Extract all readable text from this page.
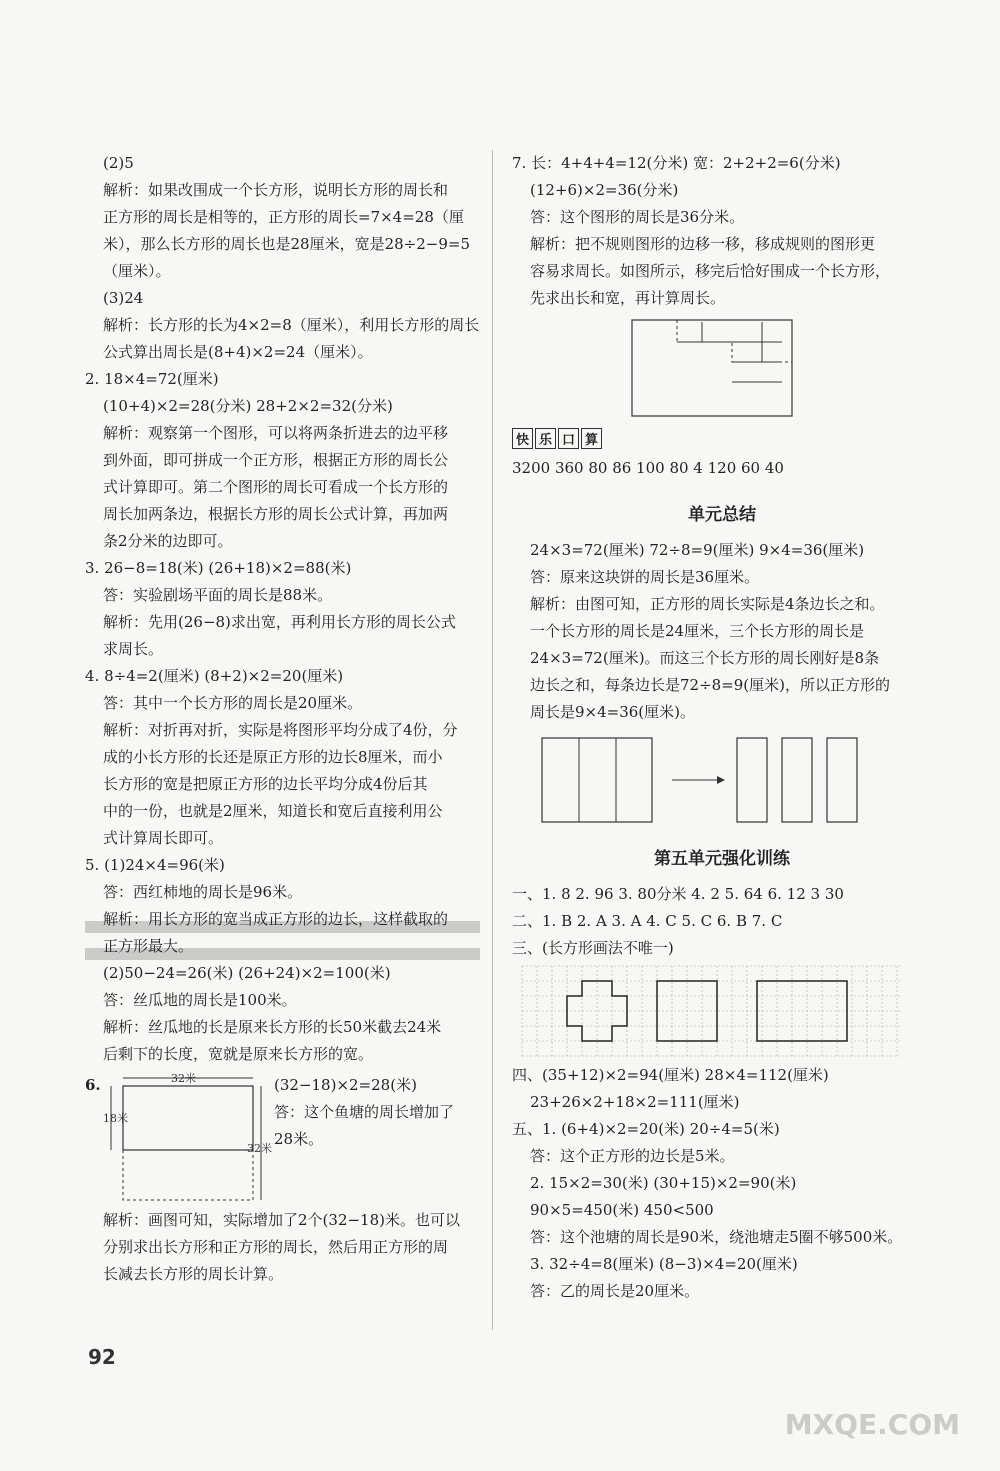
(2)5
解析：如果改围成一个长方形，说明长方形的周长和
正方形的周长是相等的，正方形的周长=7×4=28（厘
米），那么长方形的周长也是28厘米，宽是28÷2−9=5
（厘米）。
(3)24
解析：长方形的长为4×2=8（厘米），利用长方形的周长
公式算出周长是(8+4)×2=24（厘米）。
2. 18×4=72(厘米)
(10+4)×2=28(分米) 28+2×2=32(分米)
解析：观察第一个图形，可以将两条折进去的边平移
到外面，即可拼成一个正方形，根据正方形的周长公
式计算即可。第二个图形的周长可看成一个长方形的
周长加两条边，根据长方形的周长公式计算，再加两
条2分米的边即可。
3. 26−8=18(米) (26+18)×2=88(米)
答：实验剧场平面的周长是88米。
解析：先用(26−8)求出宽，再利用长方形的周长公式
求周长。
4. 8÷4=2(厘米) (8+2)×2=20(厘米)
答：其中一个长方形的周长是20厘米。
解析：对折再对折，实际是将图形平均分成了4份，分
成的小长方形的长还是原正方形的边长8厘米，而小
长方形的宽是把原正方形的边长平均分成4份后其
中的一份，也就是2厘米，知道长和宽后直接利用公
式计算周长即可。
5. (1)24×4=96(米)
答：西红柿地的周长是96米。
解析：用长方形的宽当成正方形的边长，这样截取的
正方形最大。
(2)50−24=26(米) (26+24)×2=100(米)
答：丝瓜地的周长是100米。
解析：丝瓜地的长是原来长方形的长50米截去24米
后剩下的长度，宽就是原来长方形的宽。
6.	32米
18米
32米
(32−18)×2=28(米)
答：这个鱼塘的周长增加了
28米。
解析：画图可知，实际增加了2个(32−18)米。也可以
分别求出长方形和正方形的周长，然后用正方形的周
长减去长方形的周长计算。
7. 长：4+4+4=12(分米) 宽：2+2+2=6(分米)
(12+6)×2=36(分米)
答：这个图形的周长是36分米。
解析：把不规则图形的边移一移，移成规则的图形更
容易求周长。如图所示，移完后恰好围成一个长方形，
先求出长和宽，再计算周长。
快 乐 口 算
3200 360 80 86 100 80 4 120 60 40
单元总结
24×3=72(厘米) 72÷8=9(厘米) 9×4=36(厘米)
答：原来这块饼的周长是36厘米。
解析：由图可知，正方形的周长实际是4条边长之和。
一个长方形的周长是24厘米，三个长方形的周长是
24×3=72(厘米)。而这三个长方形的周长刚好是8条
边长之和，每条边长是72÷8=9(厘米)，所以正方形的
周长是9×4=36(厘米)。
第五单元强化训练
一、1. 8 2. 96 3. 80分米 4. 2 5. 64 6. 12 3 30
二、1. B 2. A 3. A 4. C 5. C 6. B 7. C
三、(长方形画法不唯一)
四、(35+12)×2=94(厘米) 28×4=112(厘米)
23+26×2+18×2=111(厘米)
五、1. (6+4)×2=20(米) 20÷4=5(米)
答：这个正方形的边长是5米。
2. 15×2=30(米) (30+15)×2=90(米)
90×5=450(米) 450<500
答：这个池塘的周长是90米，绕池塘走5圈不够500米。
3. 32÷4=8(厘米) (8−3)×4=20(厘米)
答：乙的周长是20厘米。
92
MXQE.COM
